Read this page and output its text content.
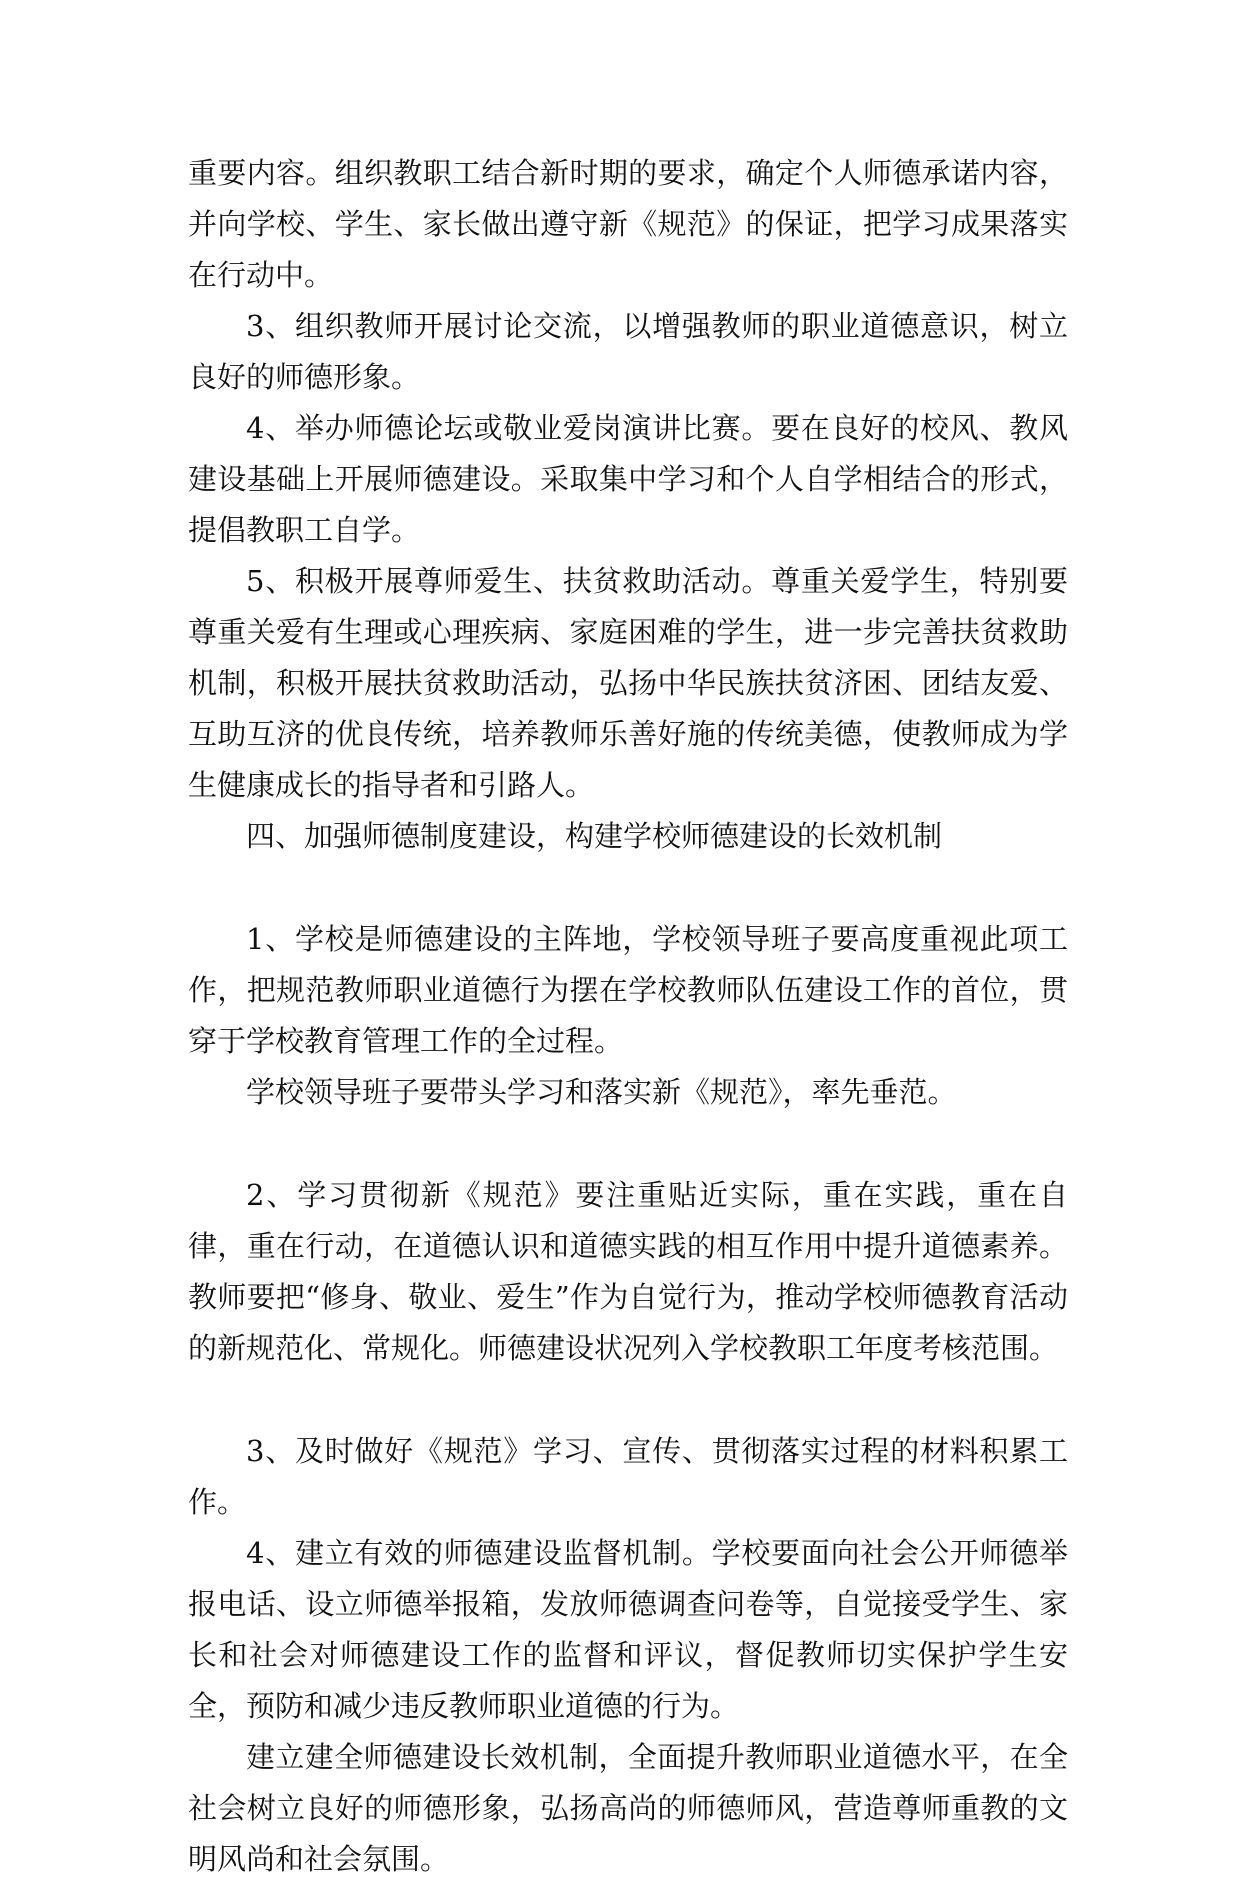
重要内容。组织教职工结合新时期的要求，确定个人师德承诺内容，并向学校、学生、家长做出遵守新《规范》的保证，把学习成果落实在行动中。

3、组织教师开展讨论交流，以增强教师的职业道德意识，树立良好的师德形象。

4、举办师德论坛或敬业爱岗演讲比赛。要在良好的校风、教风建设基础上开展师德建设。采取集中学习和个人自学相结合的形式，提倡教职工自学。

5、积极开展尊师爱生、扶贫救助活动。尊重关爱学生，特别要尊重关爱有生理或心理疾病、家庭困难的学生，进一步完善扶贫救助机制，积极开展扶贫救助活动，弘扬中华民族扶贫济困、团结友爱、互助互济的优良传统，培养教师乐善好施的传统美德，使教师成为学生健康成长的指导者和引路人。

四、加强师德制度建设，构建学校师德建设的长效机制

1、学校是师德建设的主阵地，学校领导班子要高度重视此项工作，把规范教师职业道德行为摆在学校教师队伍建设工作的首位，贯穿于学校教育管理工作的全过程。

学校领导班子要带头学习和落实新《规范》，率先垂范。

2、学习贯彻新《规范》要注重贴近实际，重在实践，重在自律，重在行动，在道德认识和道德实践的相互作用中提升道德素养。教师要把“修身、敬业、爱生”作为自觉行为，推动学校师德教育活动的新规范化、常规化。师德建设状况列入学校教职工年度考核范围。

3、及时做好《规范》学习、宣传、贯彻落实过程的材料积累工作。

4、建立有效的师德建设监督机制。学校要面向社会公开师德举报电话、设立师德举报箱，发放师德调查问卷等，自觉接受学生、家长和社会对师德建设工作的监督和评议，督促教师切实保护学生安全，预防和减少违反教师职业道德的行为。

建立建全师德建设长效机制，全面提升教师职业道德水平，在全社会树立良好的师德形象，弘扬高尚的师德师风，营造尊师重教的文明风尚和社会氛围。
